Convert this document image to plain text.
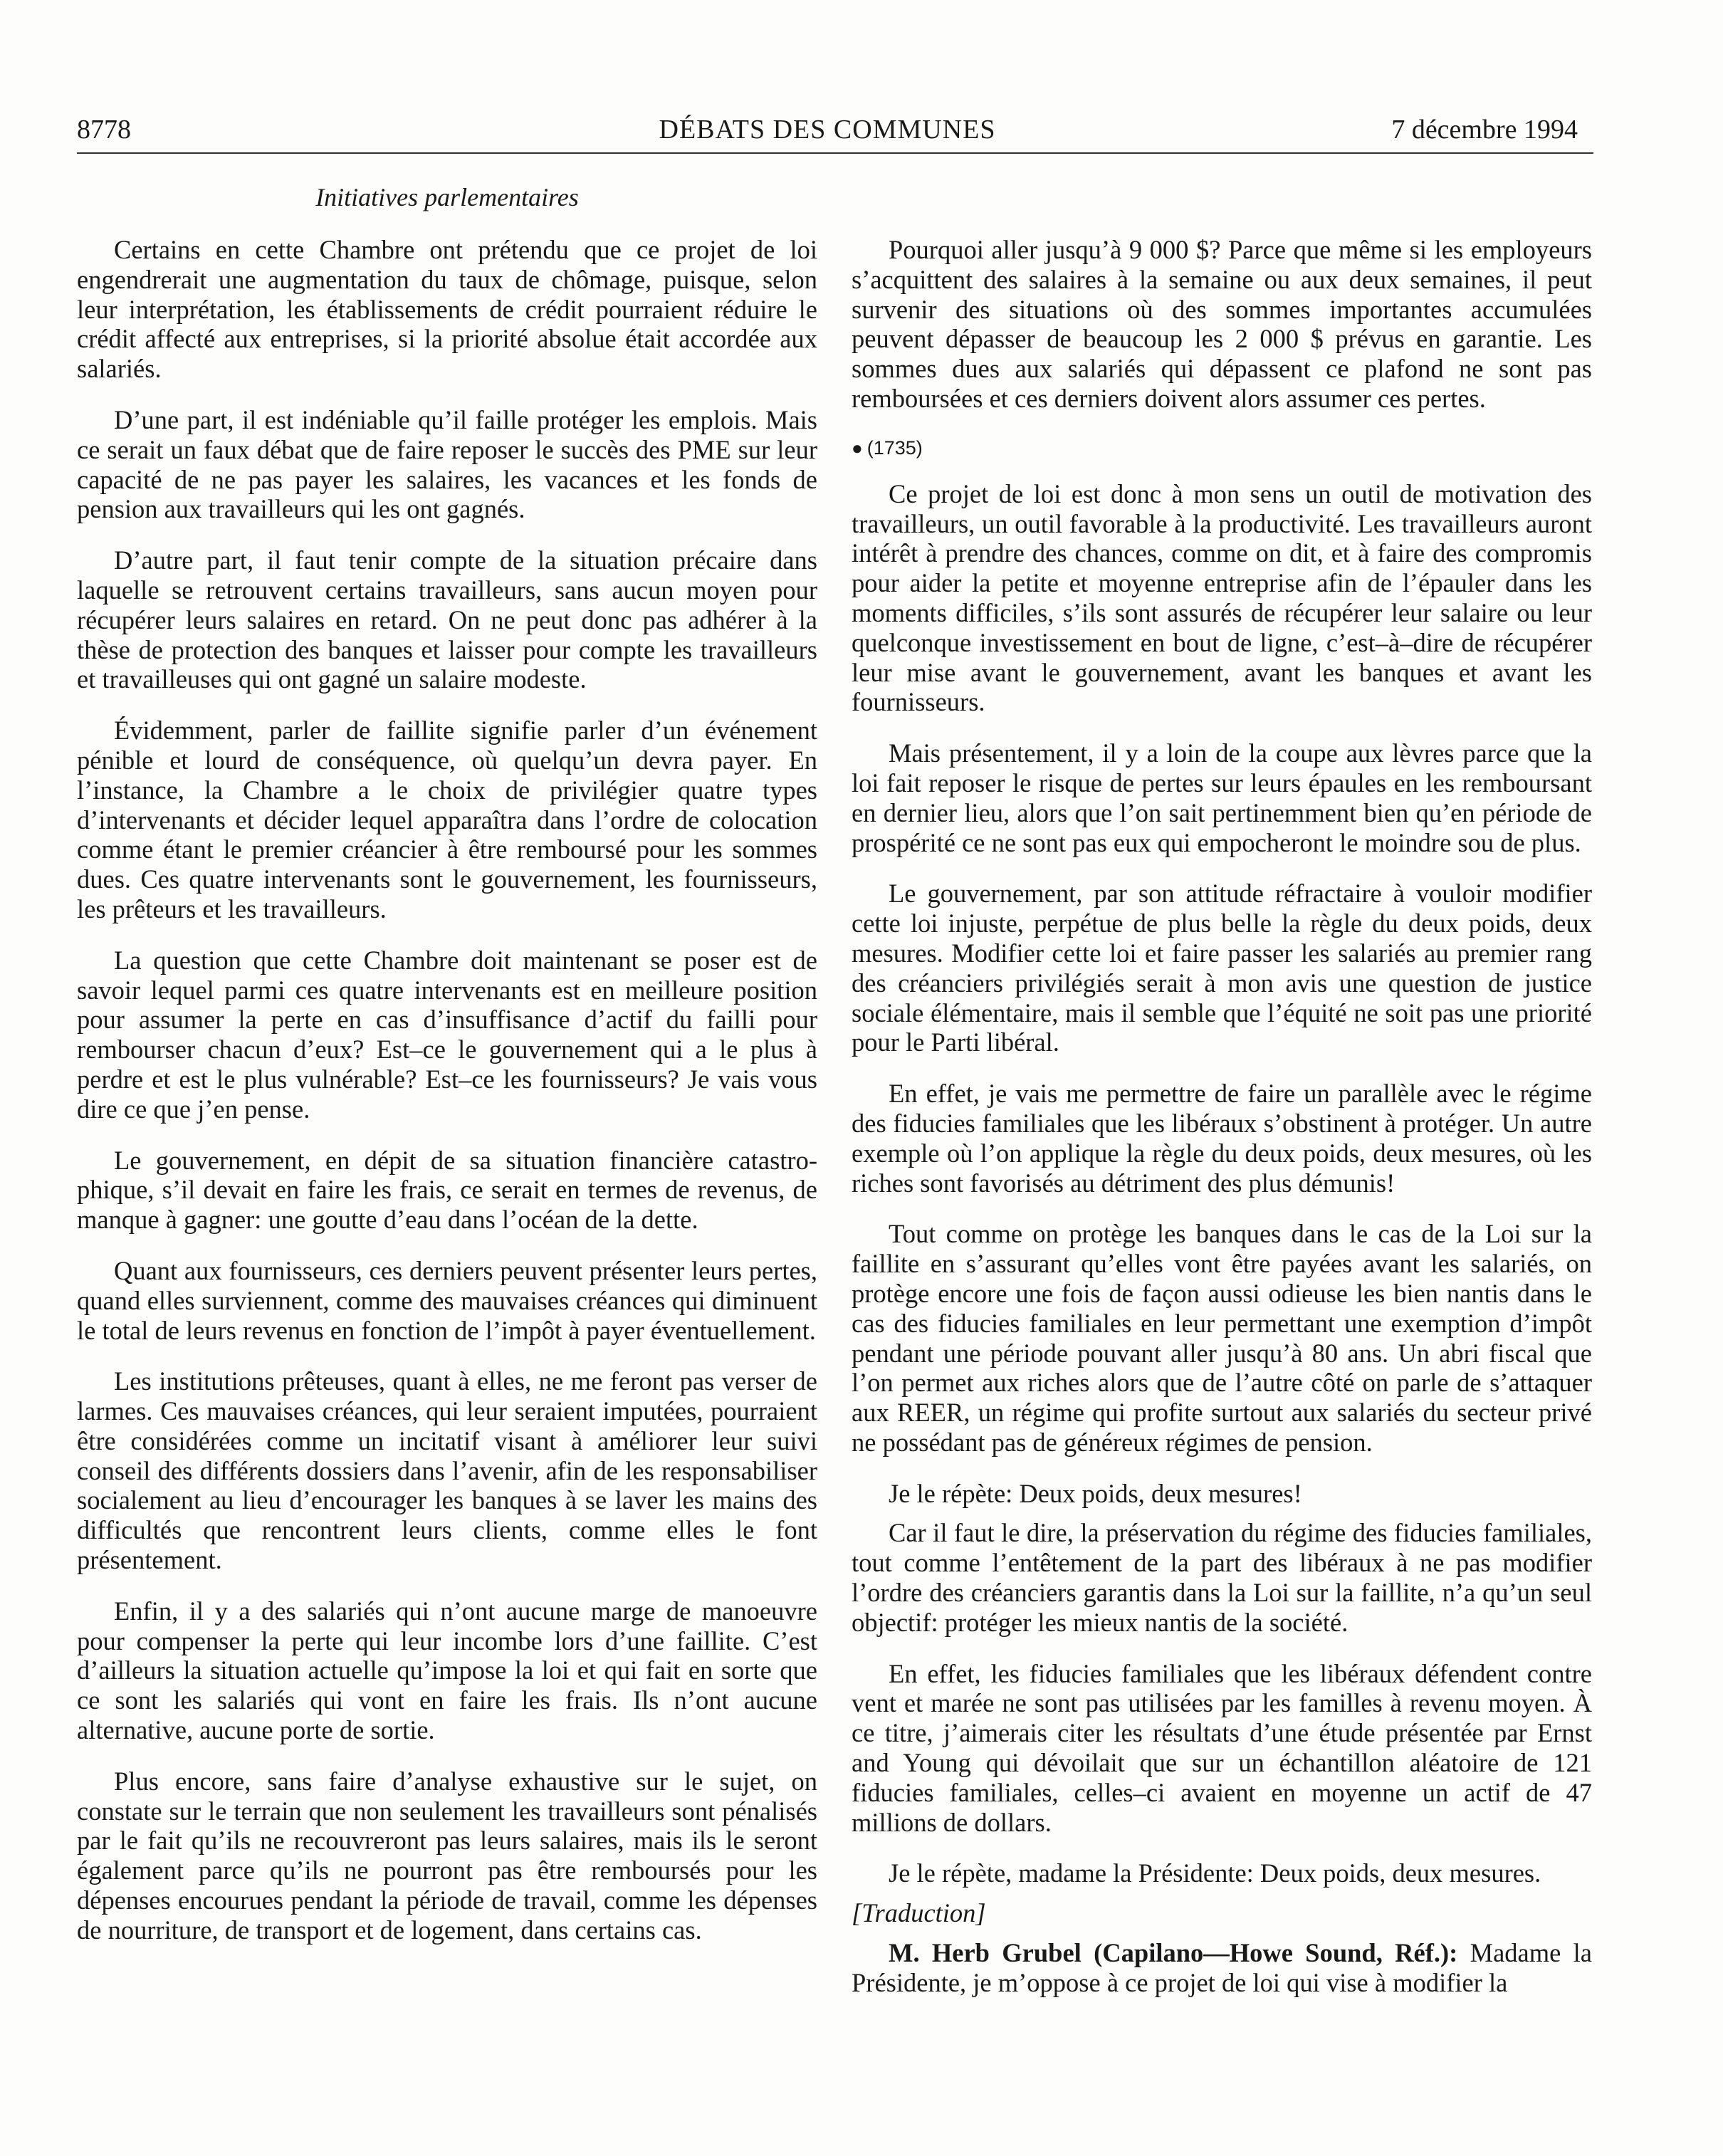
8778	DÉBATS DES COMMUNES	7 décembre 1994
Initiatives parlementaires

Certains en cette Chambre ont prétendu que ce projet de loi engendrerait une augmentation du taux de chômage, puisque, selon leur interprétation, les établissements de crédit pourraient réduire le crédit affecté aux entreprises, si la priorité absolue était accordée aux salariés.

D’une part, il est indéniable qu’il faille protéger les emplois. Mais ce serait un faux débat que de faire reposer le succès des PME sur leur capacité de ne pas payer les salaires, les vacances et les fonds de pension aux travailleurs qui les ont gagnés.

D’autre part, il faut tenir compte de la situation précaire dans laquelle se retrouvent certains travailleurs, sans aucun moyen pour récupérer leurs salaires en retard. On ne peut donc pas adhérer à la thèse de protection des banques et laisser pour compte les travailleurs et travailleuses qui ont gagné un salaire modeste.

Évidemment, parler de faillite signifie parler d’un événement pénible et lourd de conséquence, où quelqu’un devra payer. En l’instance, la Chambre a le choix de privilégier quatre types d’intervenants et décider lequel apparaîtra dans l’ordre de colocation comme étant le premier créancier à être remboursé pour les sommes dues. Ces quatre intervenants sont le gouvernement, les fournisseurs, les prêteurs et les travailleurs.

La question que cette Chambre doit maintenant se poser est de savoir lequel parmi ces quatre intervenants est en meilleure position pour assumer la perte en cas d’insuffisance d’actif du failli pour rembourser chacun d’eux? Est–ce le gouvernement qui a le plus à perdre et est le plus vulnérable? Est–ce les fournisseurs? Je vais vous dire ce que j’en pense.

Le gouvernement, en dépit de sa situation financière catastrophique, s’il devait en faire les frais, ce serait en termes de revenus, de manque à gagner: une goutte d’eau dans l’océan de la dette.

Quant aux fournisseurs, ces derniers peuvent présenter leurs pertes, quand elles surviennent, comme des mauvaises créances qui diminuent le total de leurs revenus en fonction de l’impôt à payer éventuellement.

Les institutions prêteuses, quant à elles, ne me feront pas verser de larmes. Ces mauvaises créances, qui leur seraient imputées, pourraient être considérées comme un incitatif visant à améliorer leur suivi conseil des différents dossiers dans l’avenir, afin de les responsabiliser socialement au lieu d’encourager les banques à se laver les mains des difficultés que rencontrent leurs clients, comme elles le font présentement.

Enfin, il y a des salariés qui n’ont aucune marge de manoeuvre pour compenser la perte qui leur incombe lors d’une faillite. C’est d’ailleurs la situation actuelle qu’impose la loi et qui fait en sorte que ce sont les salariés qui vont en faire les frais. Ils n’ont aucune alternative, aucune porte de sortie.

Plus encore, sans faire d’analyse exhaustive sur le sujet, on constate sur le terrain que non seulement les travailleurs sont pénalisés par le fait qu’ils ne recouvreront pas leurs salaires, mais ils le seront également parce qu’ils ne pourront pas être remboursés pour les dépenses encourues pendant la période de travail, comme les dépenses de nourriture, de transport et de logement, dans certains cas.

Pourquoi aller jusqu’à 9 000 $? Parce que même si les employeurs s’acquittent des salaires à la semaine ou aux deux semaines, il peut survenir des situations où des sommes importantes accumulées peuvent dépasser de beaucoup les 2 000 $ prévus en garantie. Les sommes dues aux salariés qui dépassent ce plafond ne sont pas remboursées et ces derniers doivent alors assumer ces pertes.

● (1735)

Ce projet de loi est donc à mon sens un outil de motivation des travailleurs, un outil favorable à la productivité. Les travailleurs auront intérêt à prendre des chances, comme on dit, et à faire des compromis pour aider la petite et moyenne entreprise afin de l’épauler dans les moments difficiles, s’ils sont assurés de récupérer leur salaire ou leur quelconque investissement en bout de ligne, c’est–à–dire de récupérer leur mise avant le gouvernement, avant les banques et avant les fournisseurs.

Mais présentement, il y a loin de la coupe aux lèvres parce que la loi fait reposer le risque de pertes sur leurs épaules en les remboursant en dernier lieu, alors que l’on sait pertinemment bien qu’en période de prospérité ce ne sont pas eux qui empocheront le moindre sou de plus.

Le gouvernement, par son attitude réfractaire à vouloir modifier cette loi injuste, perpétue de plus belle la règle du deux poids, deux mesures. Modifier cette loi et faire passer les salariés au premier rang des créanciers privilégiés serait à mon avis une question de justice sociale élémentaire, mais il semble que l’équité ne soit pas une priorité pour le Parti libéral.

En effet, je vais me permettre de faire un parallèle avec le régime des fiducies familiales que les libéraux s’obstinent à protéger. Un autre exemple où l’on applique la règle du deux poids, deux mesures, où les riches sont favorisés au détriment des plus démunis!

Tout comme on protège les banques dans le cas de la Loi sur la faillite en s’assurant qu’elles vont être payées avant les salariés, on protège encore une fois de façon aussi odieuse les bien nantis dans le cas des fiducies familiales en leur permettant une exemption d’impôt pendant une période pouvant aller jusqu’à 80 ans. Un abri fiscal que l’on permet aux riches alors que de l’autre côté on parle de s’attaquer aux REER, un régime qui profite surtout aux salariés du secteur privé ne possédant pas de généreux régimes de pension.

Je le répète: Deux poids, deux mesures!

Car il faut le dire, la préservation du régime des fiducies familiales, tout comme l’entêtement de la part des libéraux à ne pas modifier l’ordre des créanciers garantis dans la Loi sur la faillite, n’a qu’un seul objectif: protéger les mieux nantis de la société.

En effet, les fiducies familiales que les libéraux défendent contre vent et marée ne sont pas utilisées par les familles à revenu moyen. À ce titre, j’aimerais citer les résultats d’une étude présentée par Ernst and Young qui dévoilait que sur un échantillon aléatoire de 121 fiducies familiales, celles–ci avaient en moyenne un actif de 47 millions de dollars.

Je le répète, madame la Présidente: Deux poids, deux mesures.

[Traduction]

M. Herb Grubel (Capilano—Howe Sound, Réf.): Madame la Présidente, je m’oppose à ce projet de loi qui vise à modifier la
